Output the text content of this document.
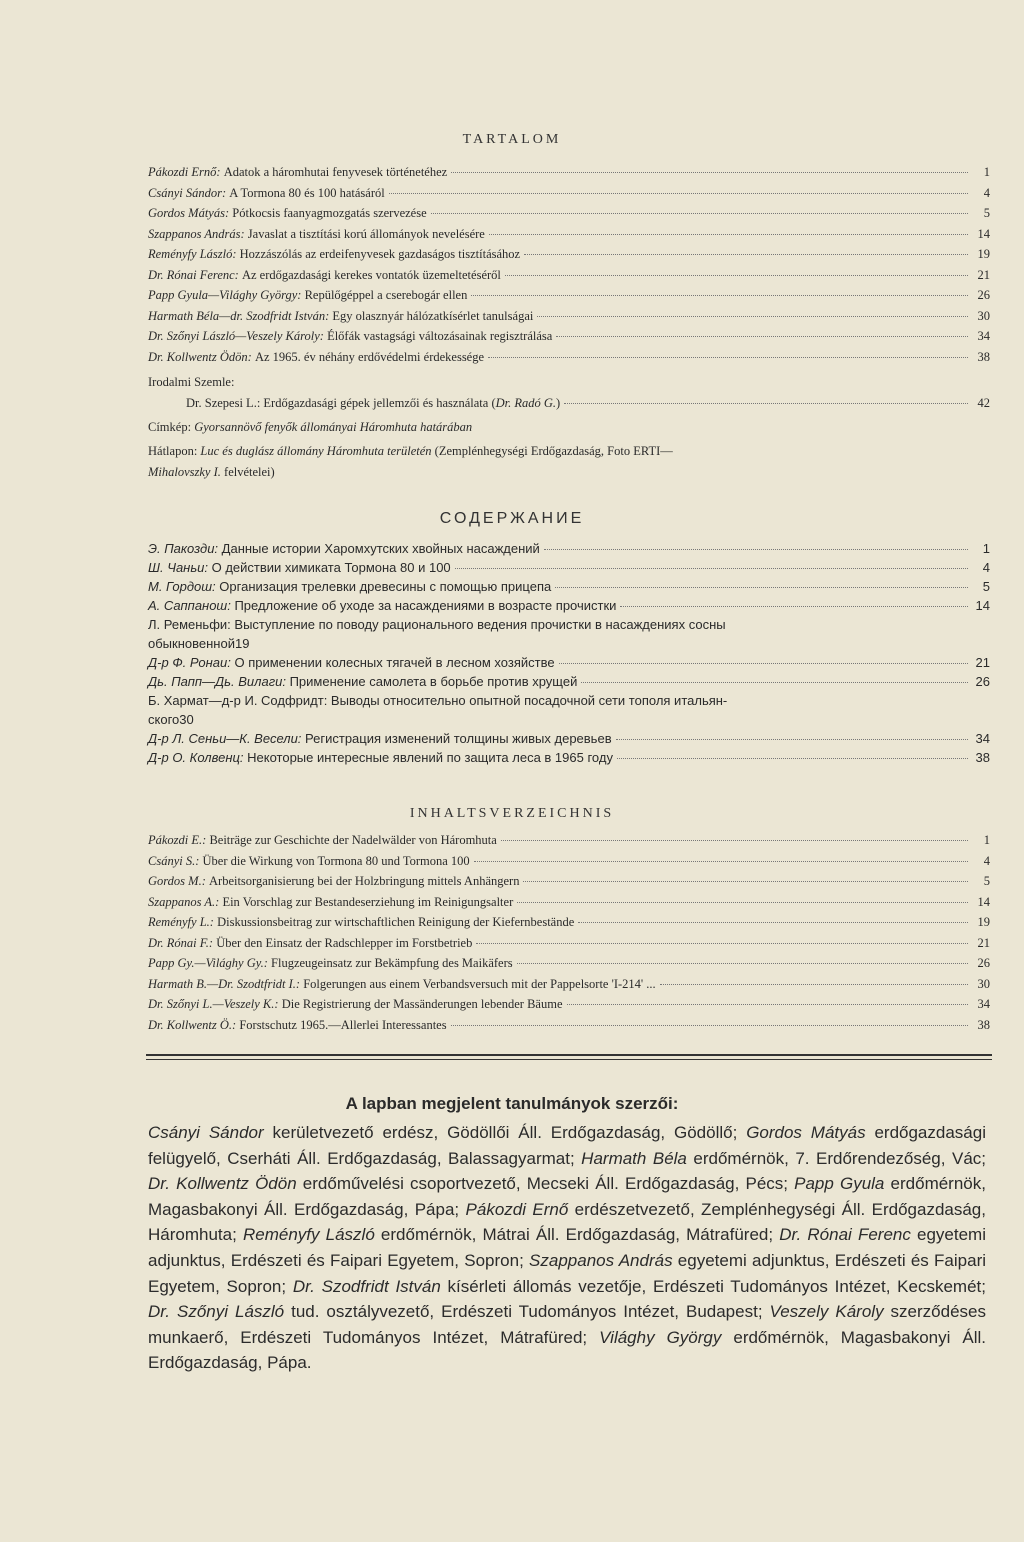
TARTALOM
Pákozdi Ernő: Adatok a háromhutai fenyvesek történetéhez	1
Csányi Sándor: A Tormona 80 és 100 hatásáról	4
Gordos Mátyás: Pótkocsis faanyagmozgatás szervezése	5
Szappanos András: Javaslat a tisztítási korú állományok nevelésére	14
Reményfy László: Hozzászólás az erdeifenyvesek gazdaságos tisztításához	19
Dr. Rónai Ferenc: Az erdőgazdasági kerekes vontatók üzemeltetéséről	21
Papp Gyula—Világhy György: Repülőgéppel a cserebogár ellen	26
Harmath Béla—dr. Szodfridt István: Egy olasznyár hálózatkísérlet tanulságai	30
Dr. Szőnyi László—Veszely Károly: Élőfák vastagsági változásainak regisztrálása	34
Dr. Kollwentz Ödön: Az 1965. év néhány erdővédelmi érdekessége	38
Irodalmi Szemle:
Dr. Szepesi L.: Erdőgazdasági gépek jellemzői és használata ( Dr. Radó G. )	42
Címkép: Gyorsannövő fenyők állományai Háromhuta határában
Hátlapon: Luc és duglász állomány Háromhuta területén (Zemplénhegységi Erdőgazdaság, Foto ERTI—
Mihalovszky I. felvételei)
СОДЕРЖАНИЕ
Э. Пакозди: Данные истории Харомхутских хвойных насаждений	1
Ш. Чаньи: О действии химиката Тормона 80 и 100	4
М. Гордош: Организация трелевки древесины с помощью прицепа	5
А. Саппанош: Предложение об уходе за насаждениями в возрасте прочистки	14
Л. Ременьфи: Выступление по поводу рационального ведения прочистки в насаждениях сосны
обыкновенной 19
Д-р Ф. Ронаи: О применении колесных тягачей в лесном хозяйстве	21
Дь. Папп—Дь. Вилаги: Применение самолета в борьбе против хрущей	26
Б. Хармат—д-р И. Содфридт: Выводы относительно опытной посадочной сети тополя итальян-
ского 30
Д-р Л. Сеньи—К. Весели: Регистрация изменений толщины живых деревьев	34
Д-р О. Колвенц: Некоторые интересные явлений по защита леса в 1965 году	38
INHALTSVERZEICHNIS
Pákozdi E.: Beiträge zur Geschichte der Nadelwälder von Háromhuta	1
Csányi S.: Über die Wirkung von Tormona 80 und Tormona 100	4
Gordos M.: Arbeitsorganisierung bei der Holzbringung mittels Anhängern	5
Szappanos A.: Ein Vorschlag zur Bestandeserziehung im Reinigungsalter	14
Reményfy L.: Diskussionsbeitrag zur wirtschaftlichen Reinigung der Kiefernbestände	19
Dr. Rónai F.: Über den Einsatz der Radschlepper im Forstbetrieb	21
Papp Gy.—Világhy Gy.: Flugzeugeinsatz zur Bekämpfung des Maikäfers	26
Harmath B.—Dr. Szodtfridt I.: Folgerungen aus einem Verbandsversuch mit der Pappelsorte 'I-214' ...	30
Dr. Szőnyi L.—Veszely K.: Die Registrierung der Massänderungen lebender Bäume	34
Dr. Kollwentz Ö.: Forstschutz 1965.—Allerlei Interessantes	38
A lapban megjelent tanulmányok szerzői:
Csányi Sándor kerületvezető erdész, Gödöllői Áll. Erdőgazdaság, Gödöllő; Gordos Mátyás erdőgazdasági felügyelő, Cserháti Áll. Erdőgazdaság, Balassagyarmat; Harmath Béla erdőmérnök, 7. Erdőrendezőség, Vác; Dr. Kollwentz Ödön erdőművelési csoportvezető, Mecseki Áll. Erdőgazdaság, Pécs; Papp Gyula erdőmérnök, Magasbakonyi Áll. Erdőgazdaság, Pápa; Pákozdi Ernő erdészetvezető, Zemplénhegységi Áll. Erdőgazdaság, Háromhuta; Reményfy László erdőmérnök, Mátrai Áll. Erdőgazdaság, Mátrafüred; Dr. Rónai Ferenc egyetemi adjunktus, Erdészeti és Faipari Egyetem, Sopron; Szappanos András egyetemi adjunktus, Erdészeti és Faipari Egyetem, Sopron; Dr. Szodfridt István kísérleti állomás vezetője, Erdészeti Tudományos Intézet, Kecskemét; Dr. Szőnyi László tud. osztályvezető, Erdészeti Tudományos Intézet, Budapest; Veszely Károly szerződéses munkaerő, Erdészeti Tudományos Intézet, Mátrafüred; Világhy György erdőmérnök, Magasbakonyi Áll. Erdőgazdaság, Pápa.
